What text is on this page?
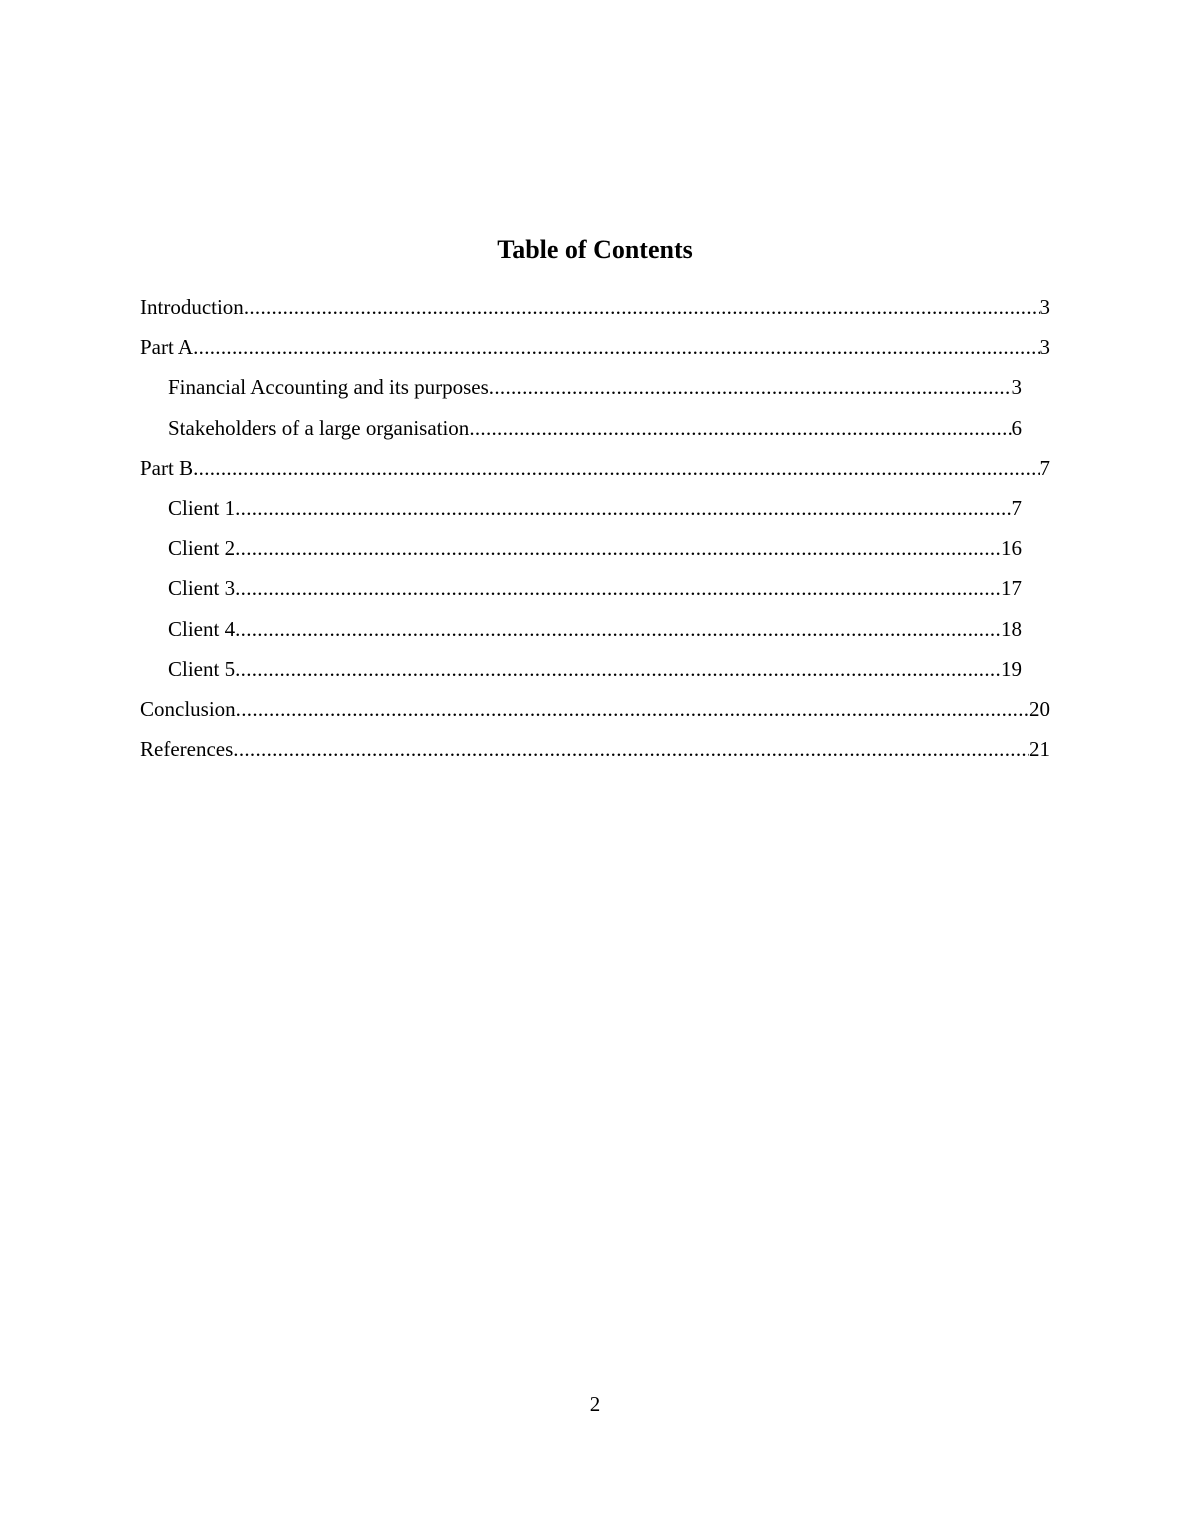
Table of Contents
Introduction .....	3
Part A .....	3
Financial Accounting and its purposes .....	3
Stakeholders of a large organisation .....	6
Part B .....	7
Client 1 .....	7
Client 2 .....	16
Client 3 .....	17
Client 4 .....	18
Client 5 .....	19
Conclusion .....	20
References .....	21
2
